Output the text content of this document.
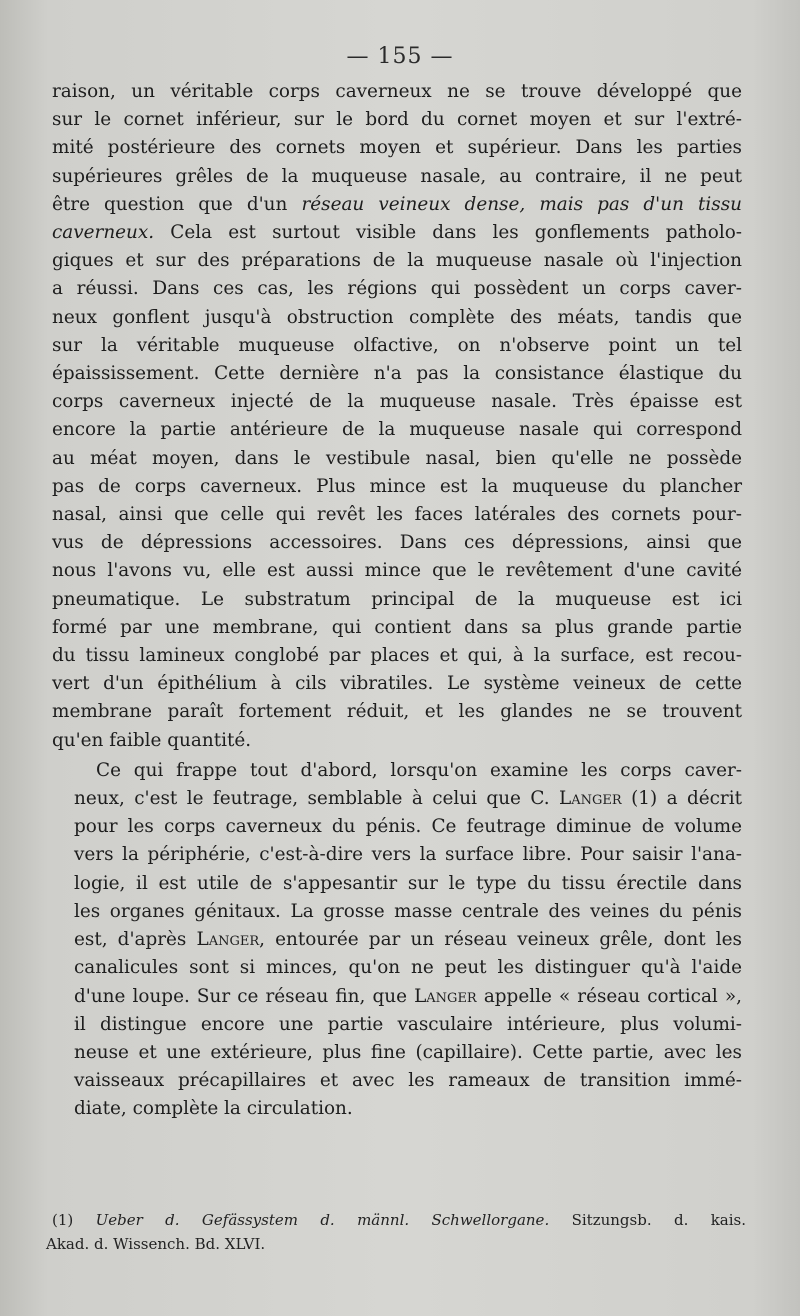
— 155 —

raison, un véritable corps caverneux ne se trouve développé que
sur le cornet inférieur, sur le bord du cornet moyen et sur l'extré-
mité postérieure des cornets moyen et supérieur. Dans les parties
supérieures grêles de la muqueuse nasale, au contraire, il ne peut
être question que d'un réseau veineux dense, mais pas d'un tissu
caverneux. Cela est surtout visible dans les gonflements patholo-
giques et sur des préparations de la muqueuse nasale où l'injection
a réussi. Dans ces cas, les régions qui possèdent un corps caver-
neux gonflent jusqu'à obstruction complète des méats, tandis que
sur la véritable muqueuse olfactive, on n'observe point un tel
épaississement. Cette dernière n'a pas la consistance élastique du
corps caverneux injecté de la muqueuse nasale. Très épaisse est
encore la partie antérieure de la muqueuse nasale qui correspond
au méat moyen, dans le vestibule nasal, bien qu'elle ne possède
pas de corps caverneux. Plus mince est la muqueuse du plancher
nasal, ainsi que celle qui revêt les faces latérales des cornets pour-
vus de dépressions accessoires. Dans ces dépressions, ainsi que
nous l'avons vu, elle est aussi mince que le revêtement d'une cavité
pneumatique. Le substratum principal de la muqueuse est ici
formé par une membrane, qui contient dans sa plus grande partie
du tissu lamineux conglobé par places et qui, à la surface, est recou-
vert d'un épithélium à cils vibratiles. Le système veineux de cette
membrane paraît fortement réduit, et les glandes ne se trouvent
qu'en faible quantité.

Ce qui frappe tout d'abord, lorsqu'on examine les corps caver-
neux, c'est le feutrage, semblable à celui que C. Langer (1) a décrit
pour les corps caverneux du pénis. Ce feutrage diminue de volume
vers la périphérie, c'est-à-dire vers la surface libre. Pour saisir l'ana-
logie, il est utile de s'appesantir sur le type du tissu érectile dans
les organes génitaux. La grosse masse centrale des veines du pénis
est, d'après Langer, entourée par un réseau veineux grêle, dont les
canalicules sont si minces, qu'on ne peut les distinguer qu'à l'aide
d'une loupe. Sur ce réseau fin, que Langer appelle « réseau cortical »,
il distingue encore une partie vasculaire intérieure, plus volumi-
neuse et une extérieure, plus fine (capillaire). Cette partie, avec les
vaisseaux précapillaires et avec les rameaux de transition immé-
diate, complète la circulation.

(1) Ueber d. Gefässystem d. männl. Schwellorgane. Sitzungsb. d. kais.
Akad. d. Wissench. Bd. XLVI.
